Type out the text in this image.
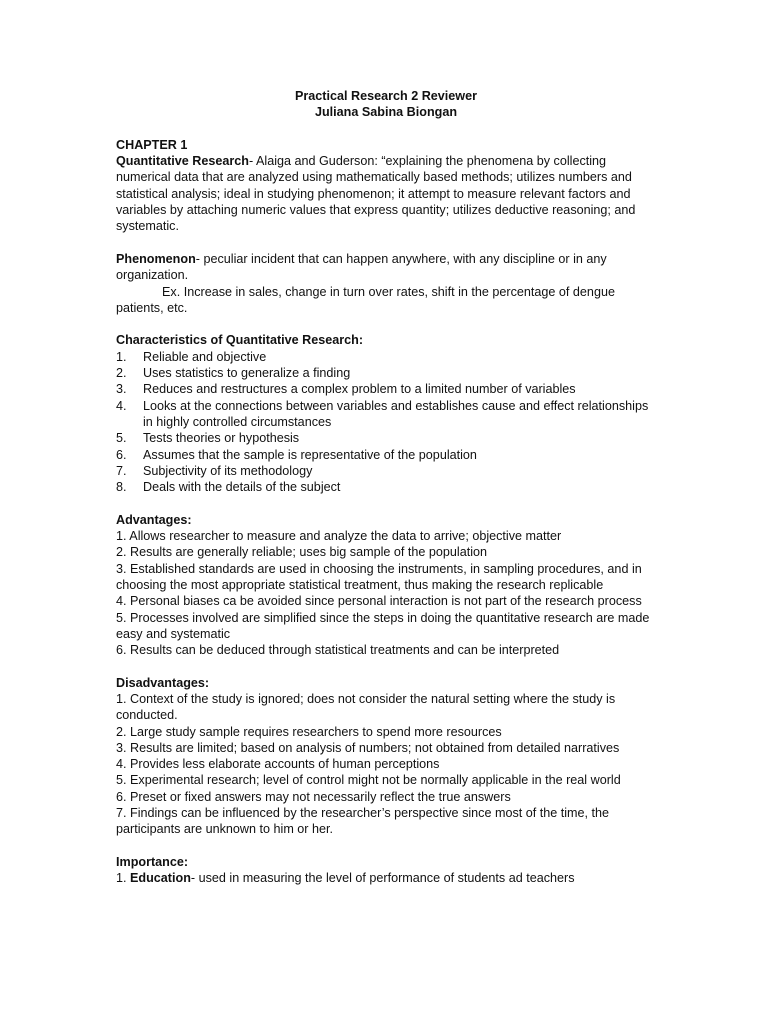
Practical Research 2 Reviewer

Juliana Sabina Biongan

CHAPTER 1

Quantitative Research- Alaiga and Guderson: “explaining the phenomena by collecting numerical data that are analyzed using mathematically based methods; utilizes numbers and statistical analysis; ideal in studying phenomenon; it attempt to measure relevant factors and variables by attaching numeric values that express quantity; utilizes deductive reasoning; and systematic.

Phenomenon- peculiar incident that can happen anywhere, with any discipline or in any organization.

Ex. Increase in sales, change in turn over rates, shift in the percentage of dengue patients, etc.

Characteristics of Quantitative Research:

1. Reliable and objective
2. Uses statistics to generalize a finding
3. Reduces and restructures a complex problem to a limited number of variables
4. Looks at the connections between variables and establishes cause and effect relationships in highly controlled circumstances
5. Tests theories or hypothesis
6. Assumes that the sample is representative of the population
7. Subjectivity of its methodology
8. Deals with the details of the subject

Advantages:

1. Allows researcher to measure and analyze the data to arrive; objective matter

2. Results are generally reliable; uses big sample of the population

3. Established standards are used in choosing the instruments, in sampling procedures, and in choosing the most appropriate statistical treatment, thus making the research replicable

4. Personal biases ca be avoided since personal interaction is not part of the research process

5. Processes involved are simplified since the steps in doing the quantitative research are made easy and systematic

6. Results can be deduced through statistical treatments and can be interpreted

Disadvantages:

1. Context of the study is ignored; does not consider the natural setting where the study is conducted.

2. Large study sample requires researchers to spend more resources

3. Results are limited; based on analysis of numbers; not obtained from detailed narratives

4. Provides less elaborate accounts of human perceptions

5. Experimental research; level of control might not be normally applicable in the real world

6. Preset or fixed answers may not necessarily reflect the true answers

7. Findings can be influenced by the researcher’s perspective since most of the time, the participants are unknown to him or her.

Importance:

1. Education- used in measuring the level of performance of students ad teachers
